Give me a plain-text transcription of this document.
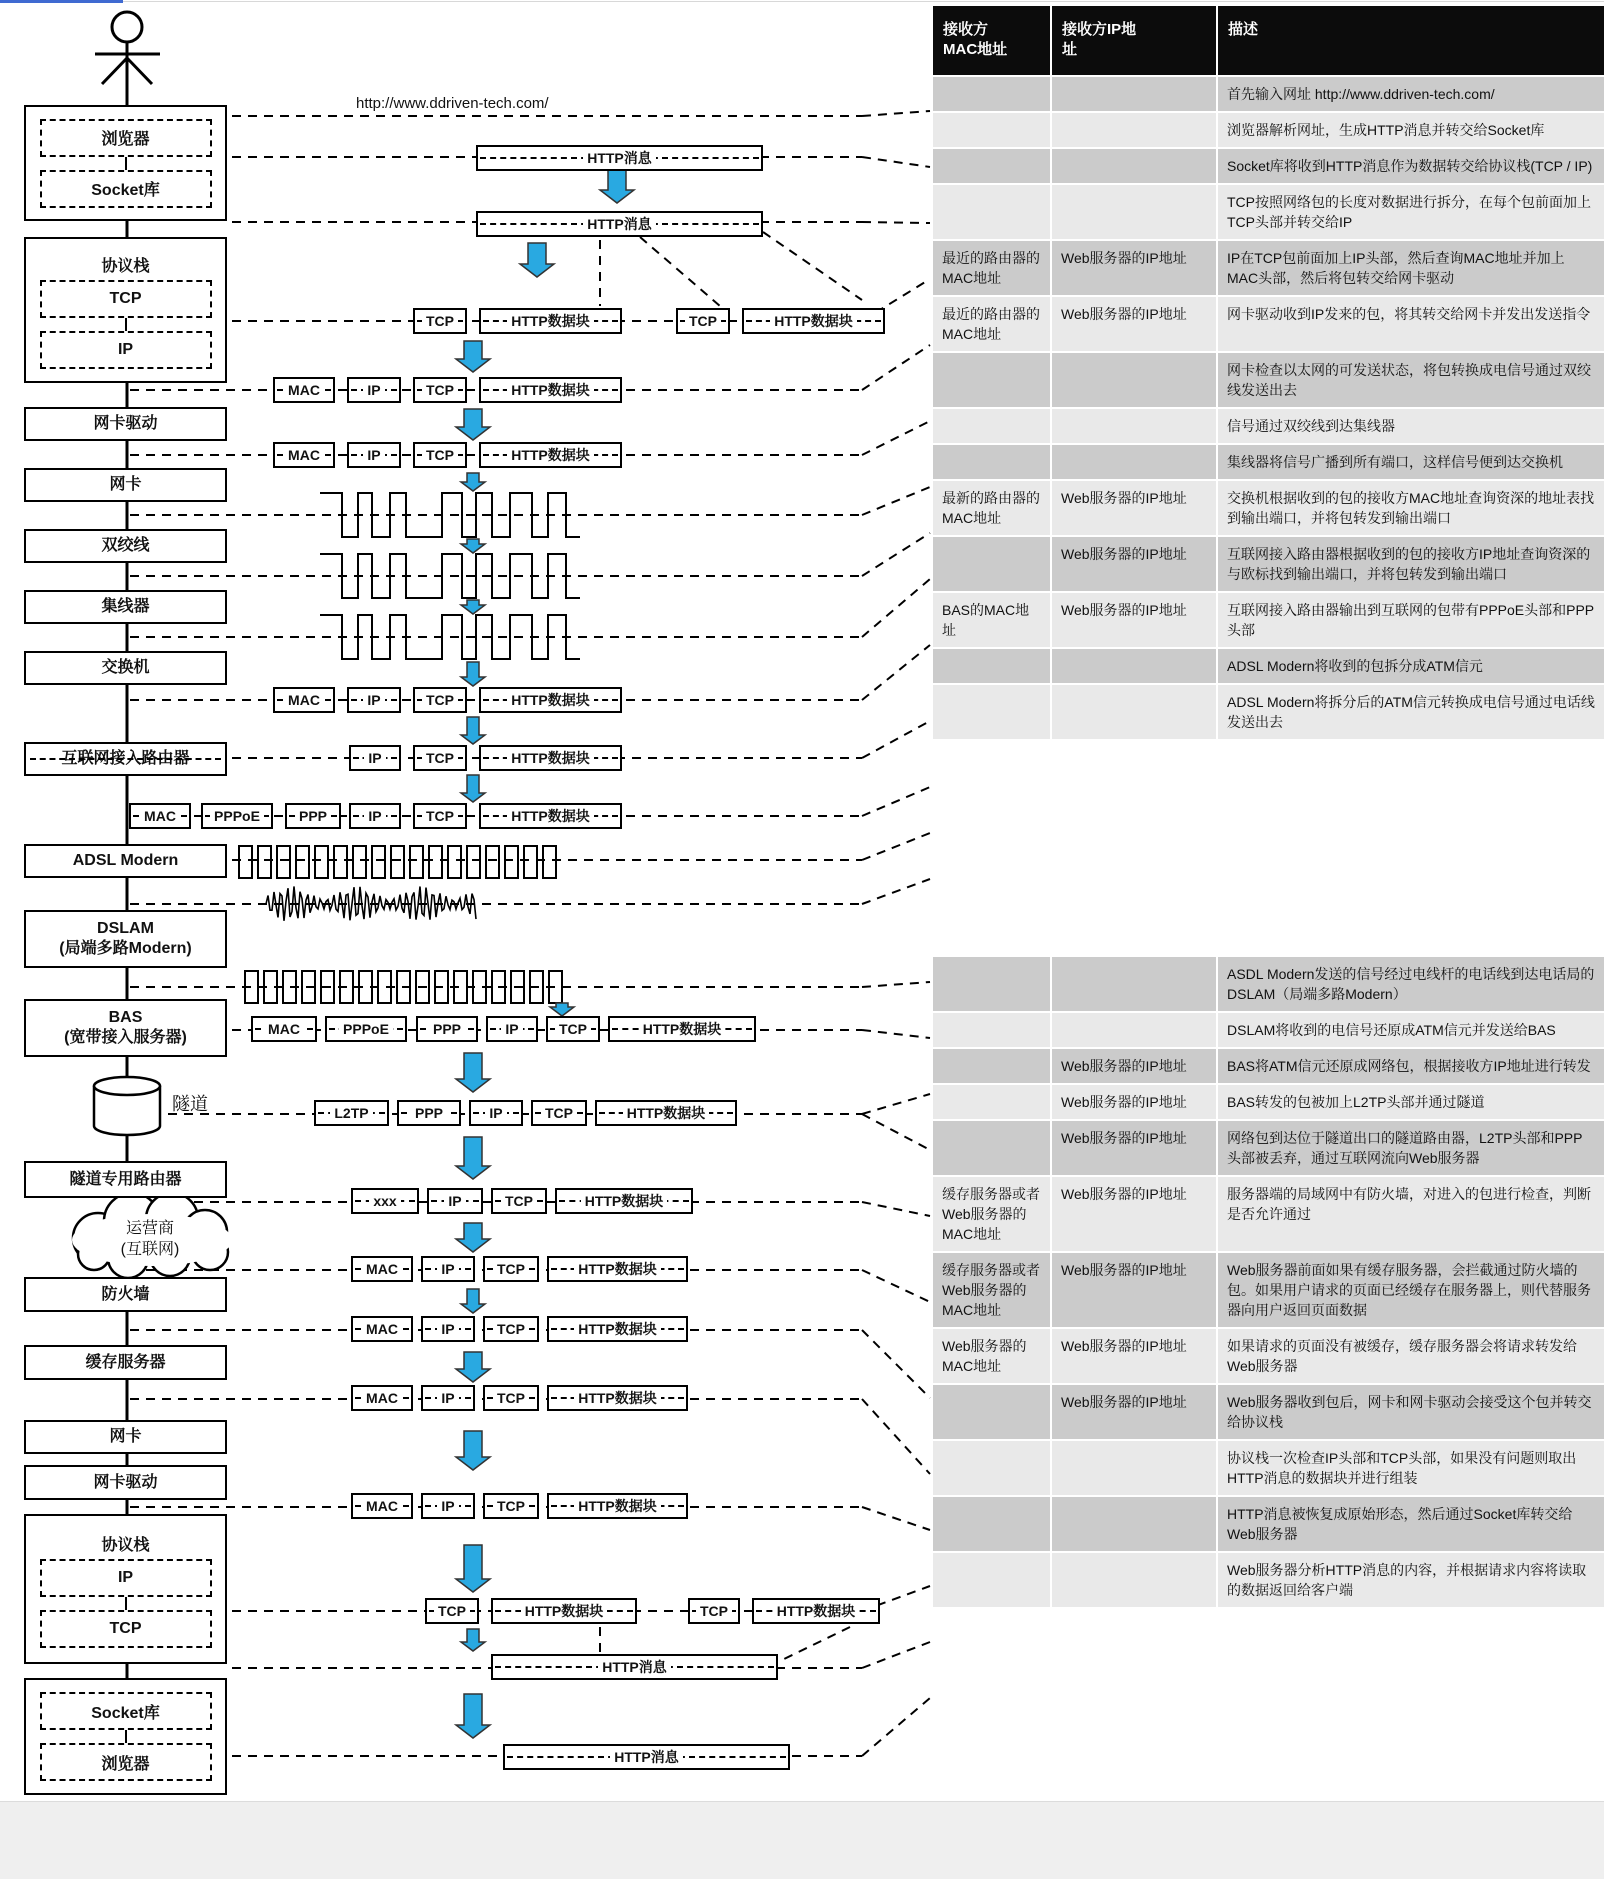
浏览器
Socket库
协议栈
TCP
IP
网卡驱动
网卡
双绞线
集线器
交换机
互联网接入路由器
ADSL Modern
DSLAM
(局端多路Modern)
BAS
(宽带接入服务器)
隧道
隧道专用路由器
运营商
(互联网)
防火墙
缓存服务器
网卡
网卡驱动
协议栈
IP
TCP
Socket库
浏览器
http://www.ddriven-tech.com/
HTTP消息
HTTP消息
TCP	HTTP数据块	TCP	HTTP数据块
MAC	IP	TCP	HTTP数据块
MAC	IP	TCP	HTTP数据块
MAC	IP	TCP	HTTP数据块
IP	TCP	HTTP数据块
MAC	PPPoE	PPP	IP	TCP	HTTP数据块
MAC	PPPoE	PPP	IP	TCP	HTTP数据块
L2TP	PPP	IP	TCP	HTTP数据块
xxx	IP	TCP	HTTP数据块
MAC	IP	TCP	HTTP数据块
MAC	IP	TCP	HTTP数据块
MAC	IP	TCP	HTTP数据块
MAC	IP	TCP	HTTP数据块
TCP	HTTP数据块	TCP	HTTP数据块
HTTP消息
HTTP消息
接收方MAC地址	接收方IP地址	描述
		首先输入网址 http://www.ddriven-tech.com/
		浏览器解析网址，生成HTTP消息并转交给Socket库
		Socket库将收到HTTP消息作为数据转交给协议栈(TCP / IP)
		TCP按照网络包的长度对数据进行拆分，在每个包前面加上TCP头部并转交给IP
最近的路由器的MAC地址	Web服务器的IP地址	IP在TCP包前面加上IP头部，然后查询MAC地址并加上MAC头部，然后将包转交给网卡驱动
最近的路由器的MAC地址	Web服务器的IP地址	网卡驱动收到IP发来的包，将其转交给网卡并发出发送指令
		网卡检查以太网的可发送状态，将包转换成电信号通过双绞线发送出去
		信号通过双绞线到达集线器
		集线器将信号广播到所有端口，这样信号便到达交换机
最新的路由器的MAC地址	Web服务器的IP地址	交换机根据收到的包的接收方MAC地址查询资深的地址表找到输出端口，并将包转发到输出端口
	Web服务器的IP地址	互联网接入路由器根据收到的包的接收方IP地址查询资深的与欧标找到输出端口，并将包转发到输出端口
BAS的MAC地址	Web服务器的IP地址	互联网接入路由器输出到互联网的包带有PPPoE头部和PPP头部
		ADSL Modern将收到的包拆分成ATM信元
		ADSL Modern将拆分后的ATM信元转换成电信号通过电话线发送出去
		ASDL Modern发送的信号经过电线杆的电话线到达电话局的DSLAM（局端多路Modern）
		DSLAM将收到的电信号还原成ATM信元并发送给BAS
	Web服务器的IP地址	BAS将ATM信元还原成网络包，根据接收方IP地址进行转发
	Web服务器的IP地址	BAS转发的包被加上L2TP头部并通过隧道
	Web服务器的IP地址	网络包到达位于隧道出口的隧道路由器，L2TP头部和PPP头部被丢弃，通过互联网流向Web服务器
缓存服务器或者Web服务器的MAC地址	Web服务器的IP地址	服务器端的局域网中有防火墙，对进入的包进行检查，判断是否允许通过
缓存服务器或者Web服务器的MAC地址	Web服务器的IP地址	Web服务器前面如果有缓存服务器，会拦截通过防火墙的包。如果用户请求的页面已经缓存在服务器上，则代替服务器向用户返回页面数据
Web服务器的MAC地址	Web服务器的IP地址	如果请求的页面没有被缓存，缓存服务器会将请求转发给Web服务器
	Web服务器的IP地址	Web服务器收到包后，网卡和网卡驱动会接受这个包并转交给协议栈
		协议栈一次检查IP头部和TCP头部，如果没有问题则取出HTTP消息的数据块并进行组装
		HTTP消息被恢复成原始形态，然后通过Socket库转交给Web服务器
		Web服务器分析HTTP消息的内容，并根据请求内容将读取的数据返回给客户端
